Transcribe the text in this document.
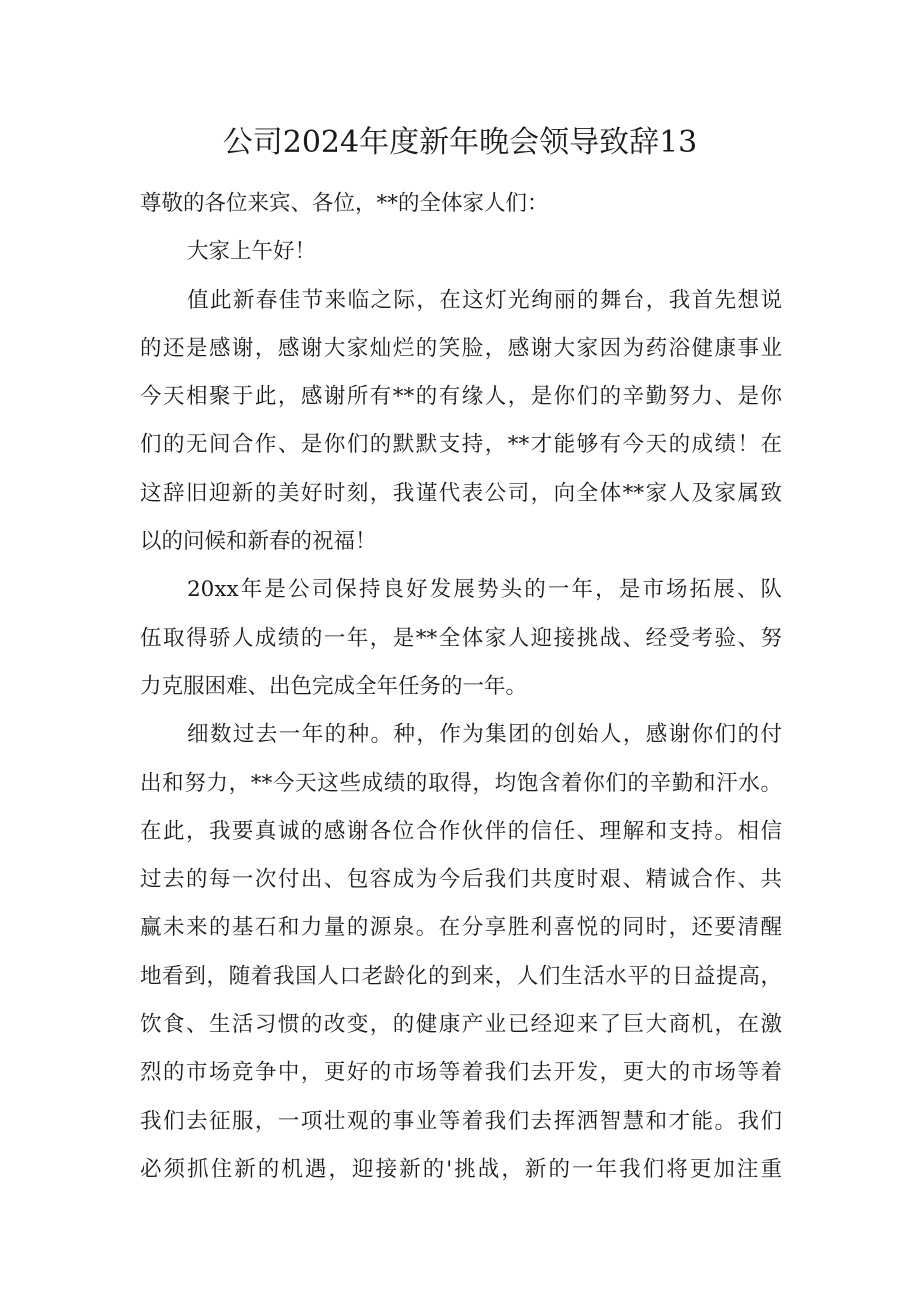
公司2024年度新年晚会领导致辞13
尊敬的各位来宾、各位，**的全体家人们：
大家上午好！
值此新春佳节来临之际，在这灯光绚丽的舞台，我首先想说
的还是感谢，感谢大家灿烂的笑脸，感谢大家因为药浴健康事业
今天相聚于此，感谢所有**的有缘人，是你们的辛勤努力、是你
们的无间合作、是你们的默默支持，**才能够有今天的成绩！在
这辞旧迎新的美好时刻，我谨代表公司，向全体**家人及家属致
以的问候和新春的祝福！
20xx年是公司保持良好发展势头的一年，是市场拓展、队
伍取得骄人成绩的一年，是**全体家人迎接挑战、经受考验、努
力克服困难、出色完成全年任务的一年。
细数过去一年的种。种，作为集团的创始人，感谢你们的付
出和努力，**今天这些成绩的取得，均饱含着你们的辛勤和汗水。
在此，我要真诚的感谢各位合作伙伴的信任、理解和支持。相信
过去的每一次付出、包容成为今后我们共度时艰、精诚合作、共
赢未来的基石和力量的源泉。在分享胜利喜悦的同时，还要清醒
地看到，随着我国人口老龄化的到来，人们生活水平的日益提高，
饮食、生活习惯的改变，的健康产业已经迎来了巨大商机，在激
烈的市场竞争中，更好的市场等着我们去开发，更大的市场等着
我们去征服，一项壮观的事业等着我们去挥洒智慧和才能。我们
必须抓住新的机遇，迎接新的'挑战，新的一年我们将更加注重
